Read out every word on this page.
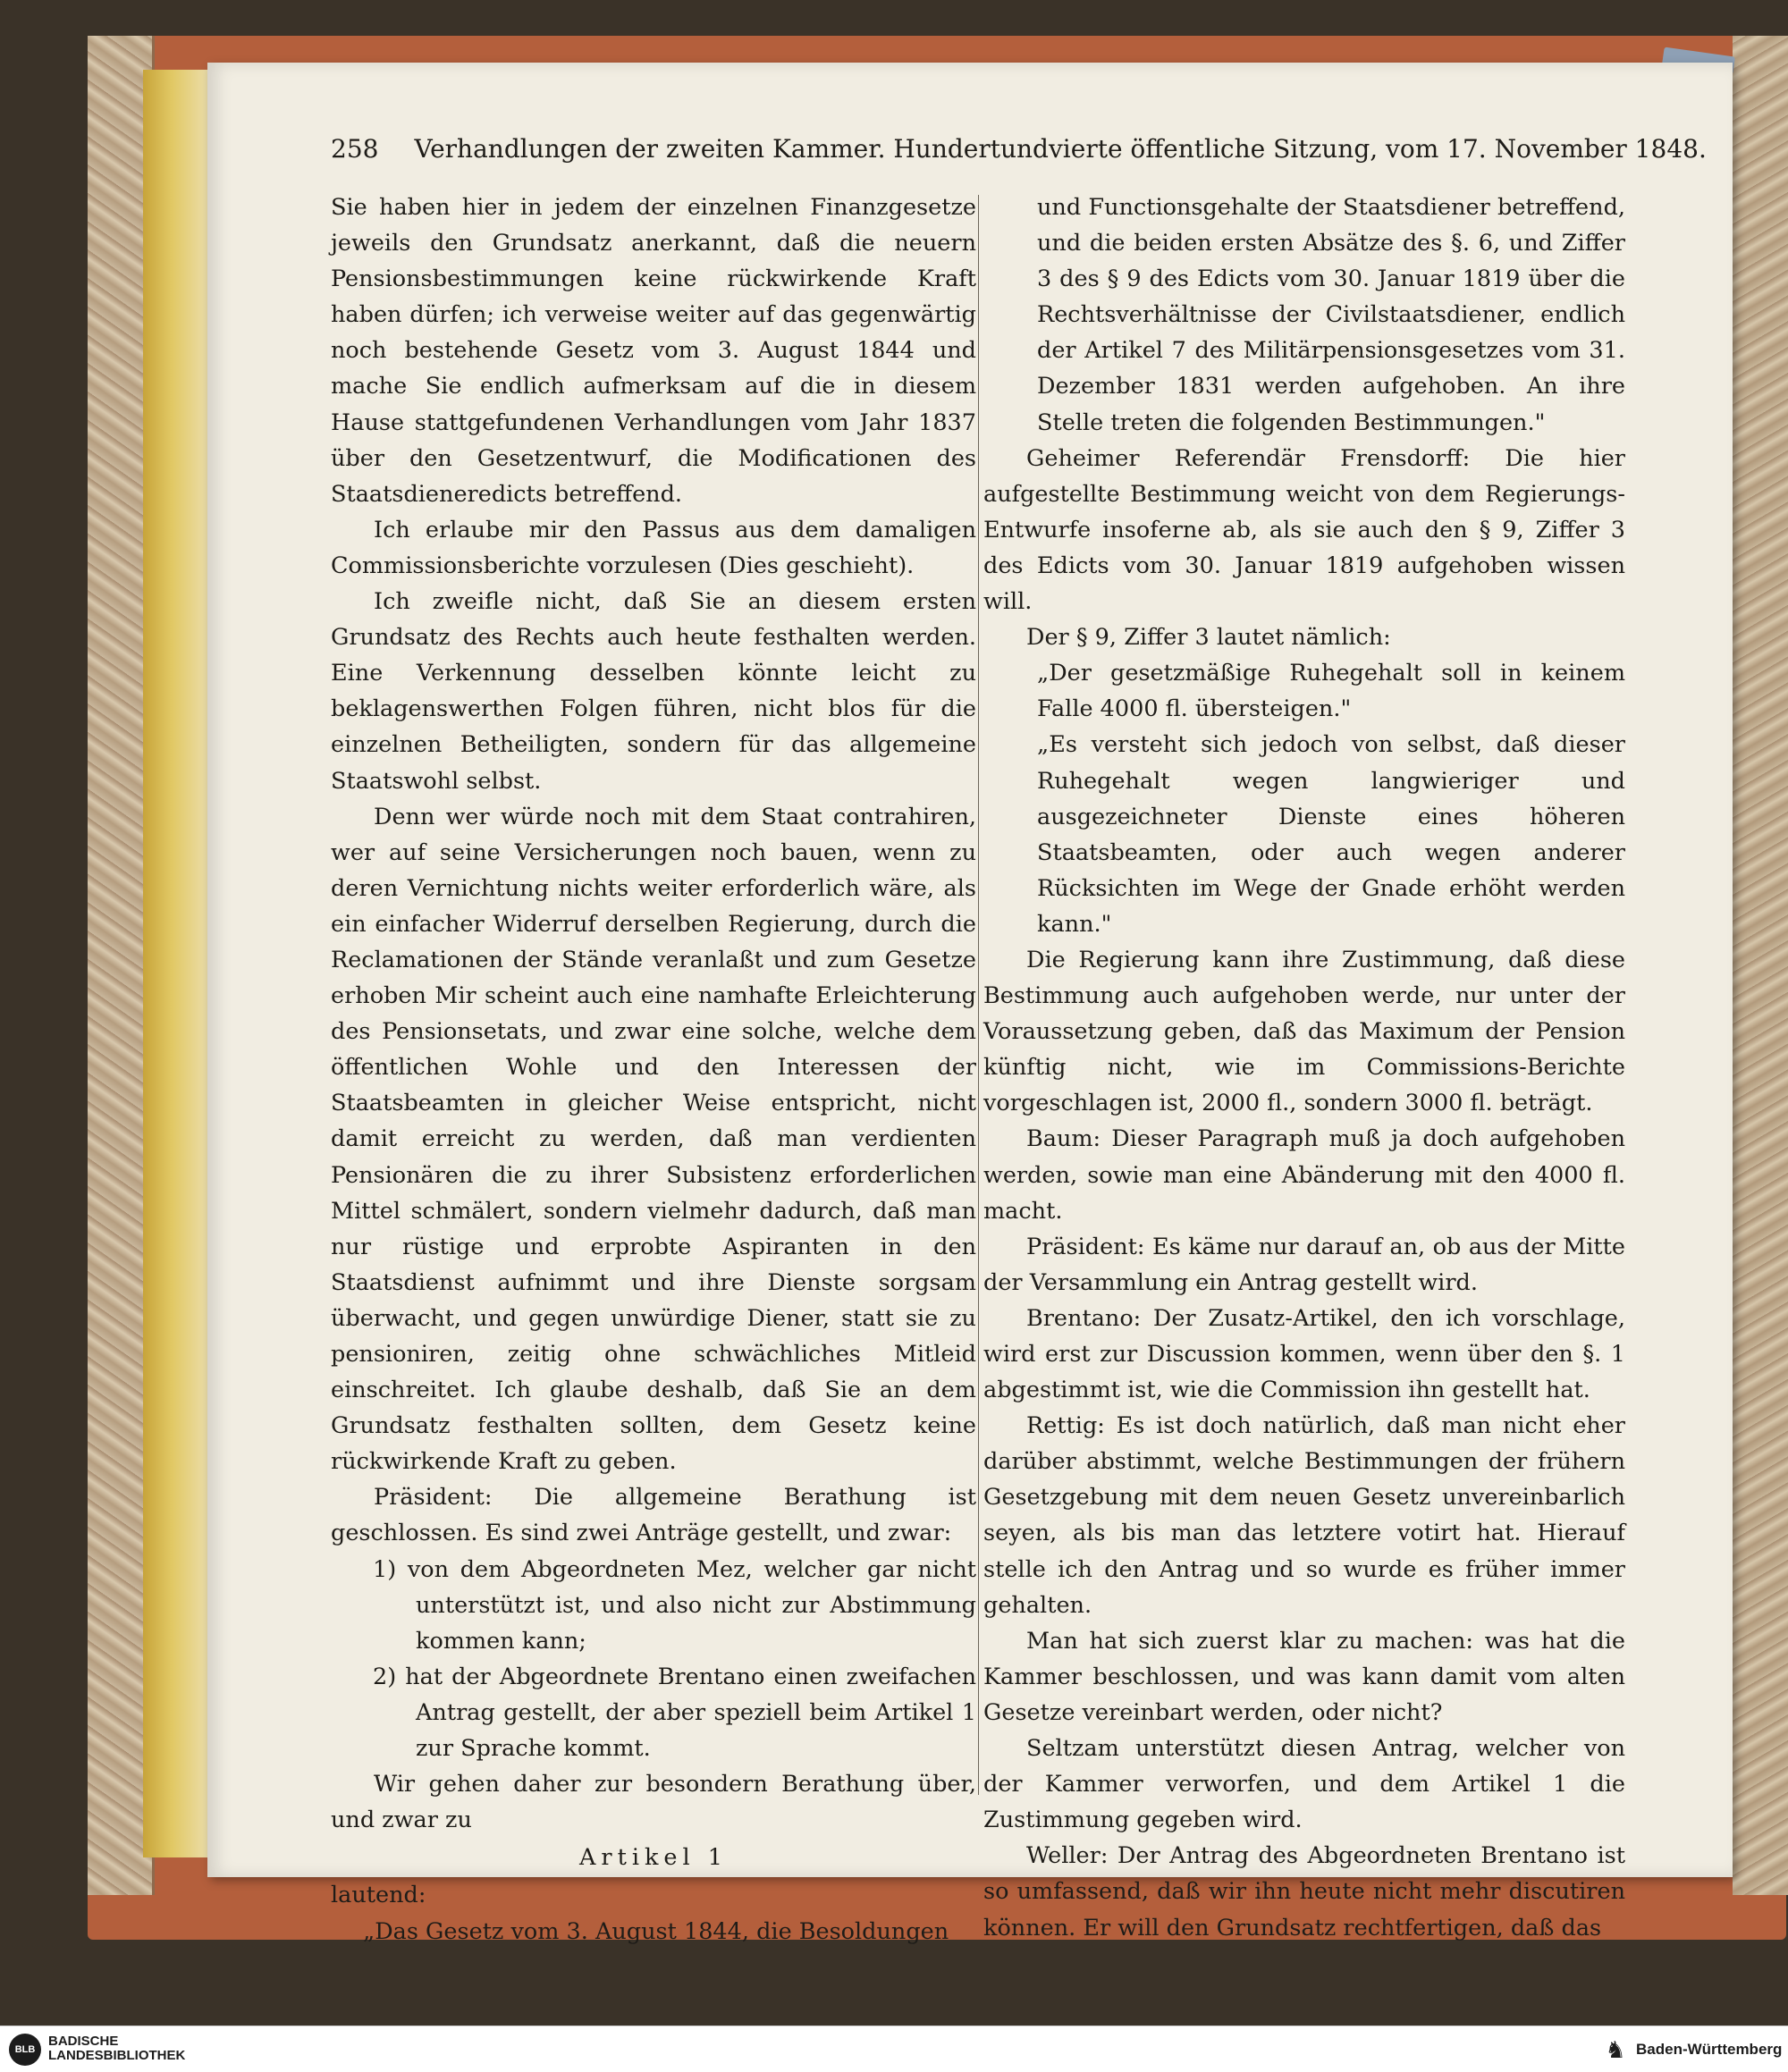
258 Verhandlungen der zweiten Kammer. Hundertundvierte öffentliche Sitzung, vom 17. November 1848.

Sie haben hier in jedem der einzelnen Finanzgesetze jeweils den Grundsatz anerkannt, daß die neuern Pensionsbestimmungen keine rückwirkende Kraft haben dürfen; ich verweise weiter auf das gegenwärtig noch bestehende Gesetz vom 3. August 1844 und mache Sie endlich aufmerksam auf die in diesem Hause stattgefundenen Verhandlungen vom Jahr 1837 über den Gesetzentwurf, die Modificationen des Staatsdieneredicts betreffend.

Ich erlaube mir den Passus aus dem damaligen Commissionsberichte vorzulesen (Dies geschieht).

Ich zweifle nicht, daß Sie an diesem ersten Grundsatz des Rechts auch heute festhalten werden. Eine Verkennung desselben könnte leicht zu beklagenswerthen Folgen führen, nicht blos für die einzelnen Betheiligten, sondern für das allgemeine Staatswohl selbst.

Denn wer würde noch mit dem Staat contrahiren, wer auf seine Versicherungen noch bauen, wenn zu deren Vernichtung nichts weiter erforderlich wäre, als ein einfacher Widerruf derselben Regierung, durch die Reclamationen der Stände veranlaßt und zum Gesetze erhoben Mir scheint auch eine namhafte Erleichterung des Pensionsetats, und zwar eine solche, welche dem öffentlichen Wohle und den Interessen der Staatsbeamten in gleicher Weise entspricht, nicht damit erreicht zu werden, daß man verdienten Pensionären die zu ihrer Subsistenz erforderlichen Mittel schmälert, sondern vielmehr dadurch, daß man nur rüstige und erprobte Aspiranten in den Staatsdienst aufnimmt und ihre Dienste sorgsam überwacht, und gegen unwürdige Diener, statt sie zu pensioniren, zeitig ohne schwächliches Mitleid einschreitet. Ich glaube deshalb, daß Sie an dem Grundsatz festhalten sollten, dem Gesetz keine rückwirkende Kraft zu geben.

Präsident: Die allgemeine Berathung ist geschlossen. Es sind zwei Anträge gestellt, und zwar:

1) von dem Abgeordneten Mez, welcher gar nicht unterstützt ist, und also nicht zur Abstimmung kommen kann;

2) hat der Abgeordnete Brentano einen zweifachen Antrag gestellt, der aber speziell beim Artikel 1 zur Sprache kommt.

Wir gehen daher zur besondern Berathung über, und zwar zu

Artikel 1

lautend:

„Das Gesetz vom 3. August 1844, die Besoldungen

und Functionsgehalte der Staatsdiener betreffend, und die beiden ersten Absätze des §. 6, und Ziffer 3 des § 9 des Edicts vom 30. Januar 1819 über die Rechtsverhältnisse der Civilstaatsdiener, endlich der Artikel 7 des Militärpensionsgesetzes vom 31. Dezember 1831 werden aufgehoben. An ihre Stelle treten die folgenden Bestimmungen."

Geheimer Referendär Frensdorff: Die hier aufgestellte Bestimmung weicht von dem Regierungs-Entwurfe insoferne ab, als sie auch den § 9, Ziffer 3 des Edicts vom 30. Januar 1819 aufgehoben wissen will.

Der § 9, Ziffer 3 lautet nämlich:

„Der gesetzmäßige Ruhegehalt soll in keinem Falle 4000 fl. übersteigen."

„Es versteht sich jedoch von selbst, daß dieser Ruhegehalt wegen langwieriger und ausgezeichneter Dienste eines höheren Staatsbeamten, oder auch wegen anderer Rücksichten im Wege der Gnade erhöht werden kann."

Die Regierung kann ihre Zustimmung, daß diese Bestimmung auch aufgehoben werde, nur unter der Voraussetzung geben, daß das Maximum der Pension künftig nicht, wie im Commissions-Berichte vorgeschlagen ist, 2000 fl., sondern 3000 fl. beträgt.

Baum: Dieser Paragraph muß ja doch aufgehoben werden, sowie man eine Abänderung mit den 4000 fl. macht.

Präsident: Es käme nur darauf an, ob aus der Mitte der Versammlung ein Antrag gestellt wird.

Brentano: Der Zusatz-Artikel, den ich vorschlage, wird erst zur Discussion kommen, wenn über den §. 1 abgestimmt ist, wie die Commission ihn gestellt hat.

Rettig: Es ist doch natürlich, daß man nicht eher darüber abstimmt, welche Bestimmungen der frühern Gesetzgebung mit dem neuen Gesetz unvereinbarlich seyen, als bis man das letztere votirt hat. Hierauf stelle ich den Antrag und so wurde es früher immer gehalten.

Man hat sich zuerst klar zu machen: was hat die Kammer beschlossen, und was kann damit vom alten Gesetze vereinbart werden, oder nicht?

Seltzam unterstützt diesen Antrag, welcher von der Kammer verworfen, und dem Artikel 1 die Zustimmung gegeben wird.

Weller: Der Antrag des Abgeordneten Brentano ist so umfassend, daß wir ihn heute nicht mehr discutiren können. Er will den Grundsatz rechtfertigen, daß das

BLB
BADISCHE
LANDESBIBLIOTHEK	♞ Baden-Württemberg
